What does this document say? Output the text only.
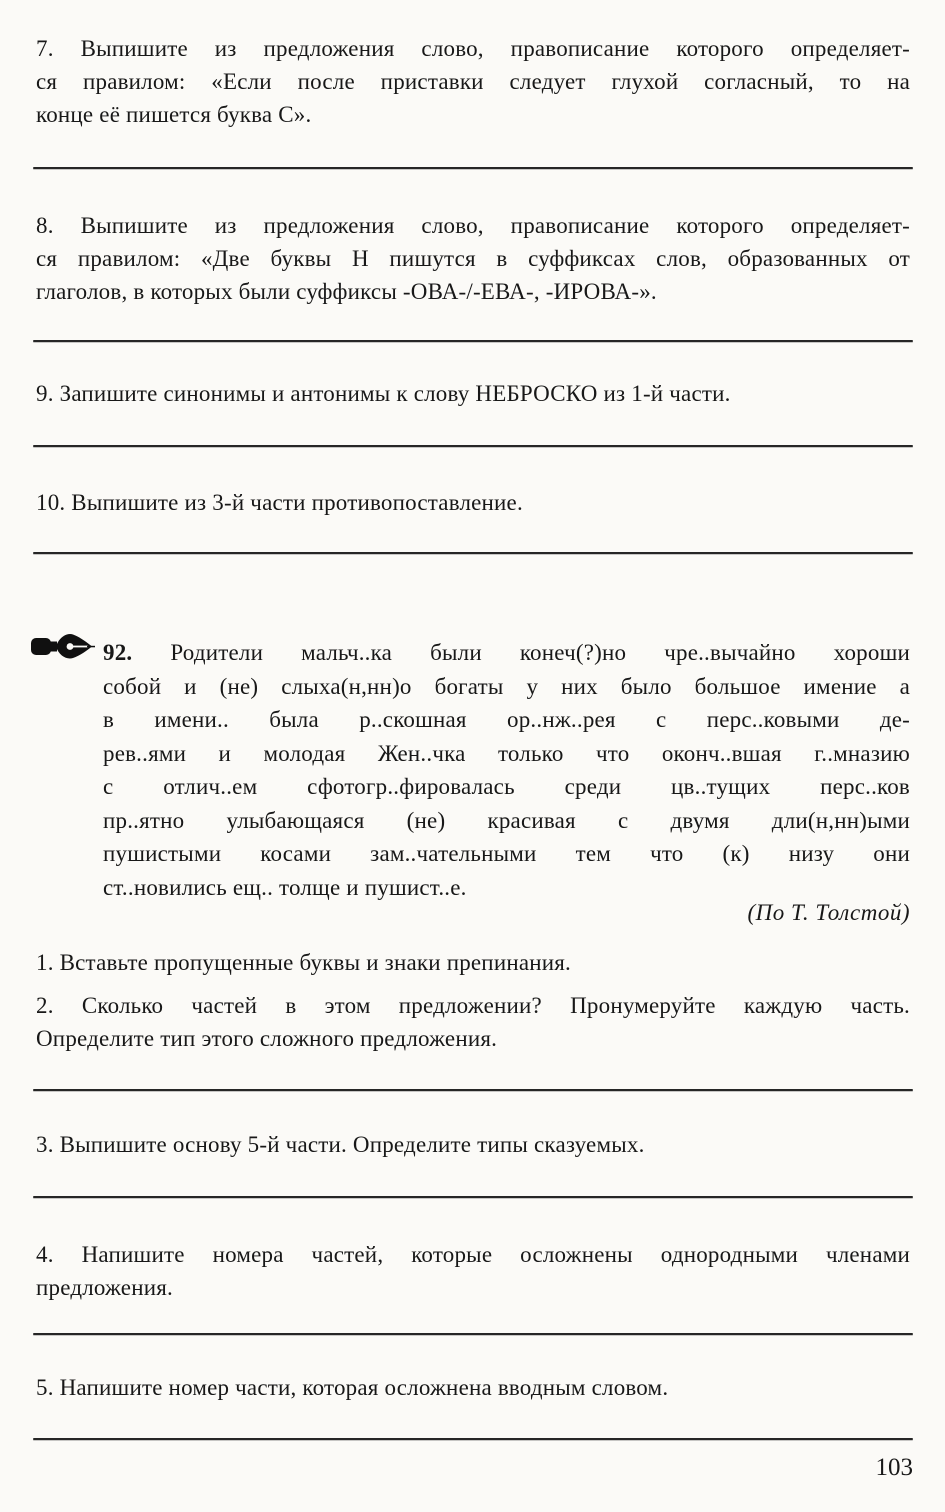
7. Выпишите из предложения слово, правописание которого определяет-
ся правилом: «Если после приставки следует глухой согласный, то на
конце её пишется буква С».
8. Выпишите из предложения слово, правописание которого определяет-
ся правилом: «Две буквы Н пишутся в суффиксах слов, образованных от
глаголов, в которых были суффиксы -ОВА-/-ЕВА-, -ИРОВА-».
9. Запишите синонимы и антонимы к слову НЕБРОСКО из 1-й части.
10. Выпишите из 3-й части противопоставление.
92. Родители мальч..ка были конеч(?)но чре..вычайно хороши
собой и (не) слыха(н,нн)о богаты у них было большое имение а
в имени.. была р..скошная ор..нж..рея с перс..ковыми де-
рев..ями и молодая Жен..чка только что оконч..вшая г..мназию
с отлич..ем сфотогр..фировалась среди цв..тущих перс..ков
пр..ятно улыбающаяся (не) красивая с двумя дли(н,нн)ыми
пушистыми косами зам..чательными тем что (к) низу они
ст..новились ещ.. толще и пушист..е.
(По Т. Толстой)
1. Вставьте пропущенные буквы и знаки препинания.
2. Сколько частей в этом предложении? Пронумеруйте каждую часть.
Определите тип этого сложного предложения.
3. Выпишите основу 5-й части. Определите типы сказуемых.
4. Напишите номера частей, которые осложнены однородными членами
предложения.
5. Напишите номер части, которая осложнена вводным словом.
103
